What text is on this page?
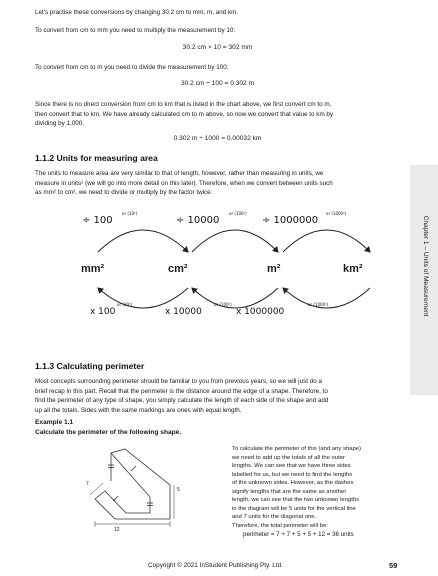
Let's practise these conversions by changing 30.2 cm to mm, m, and km.
To convert from cm to mm you need to multiply the measurement by 10:
30.2 cm × 10 = 302 mm
To convert from cm to m you need to divide the measurement by 100:
30.2 cm ÷ 100 = 0.302 m
Since there is no direct conversion from cm to km that is listed in the chart above, we first convert cm to m,
then convert that to km. We have already calculated cm to m above, so now we convert that value to km by
dividing by 1,000.
0.302 m ÷ 1000 = 0.00032 km
1.1.2 Units for measuring area
The units to measure area are very similar to that of length, however, rather than measuring in units, we
measure in units² (we will go into more detail on this later). Therefore, when we convert between units such
as mm² to cm², we need to divide or multiply by the factor twice.
÷ 100
or (10²)
÷ 10000
or (100²)
÷ 1000000
or (1000²)
mm²	cm²	m²	km²
x 100
or (10²)
x 10000
or (100²)
x 1000000
or (1000²)
1.1.3 Calculating perimeter
Most concepts surrounding perimeter should be familiar to you from previous years, so we will just do a
brief recap in this part. Recall that the perimeter is the distance around the edge of a shape. Therefore, to
find the perimeter of any type of shape, you simply calculate the length of each side of the shape and add
up all the totals. Sides with the same markings are ones with equal length.
Example 1.1
Calculate the perimeter of the following shape.
7
5
12
To calculate the perimeter of this (and any shape)
we need to add up the totals of all the outer
lengths. We can see that we have three sides
labelled for us, but we need to find the lengths
of the unknown sides. However, as the dashes
signify lengths that are the same as another
length, we can see that the two unknown lengths
in the diagram will be 5 units for the vertical line
and 7 units for the diagonal one.
Therefore, the total perimeter will be:
perimeter = 7 + 7 + 5 + 5 + 12 = 36 units
Chapter 1 – Units of Measurement
Copyright © 2021 InStudent Publishing Pty. Ltd.	59
